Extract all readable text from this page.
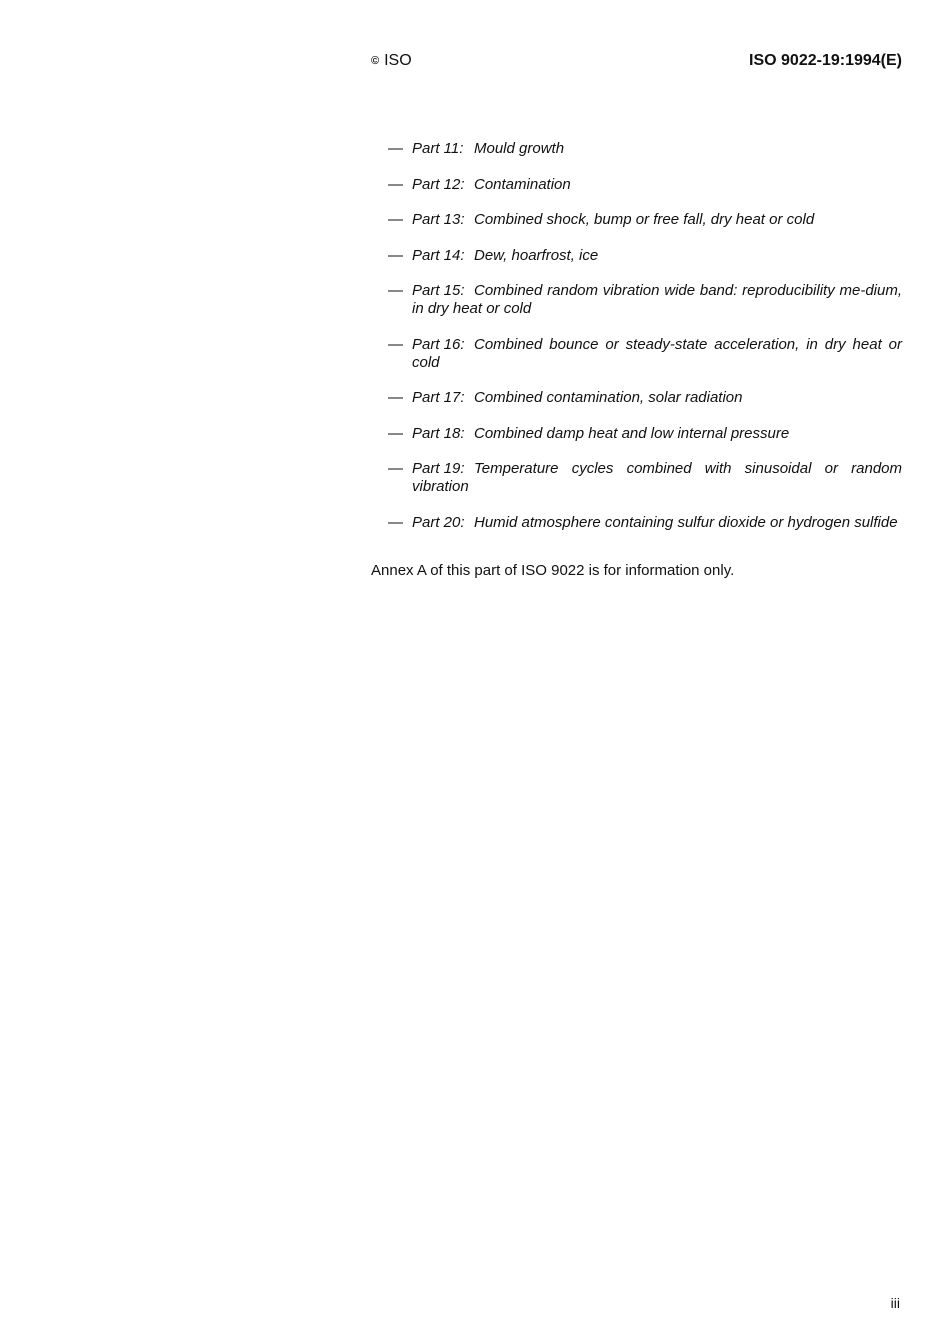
© ISO	ISO 9022-19:1994(E)
— Part 11: Mould growth
— Part 12: Contamination
— Part 13: Combined shock, bump or free fall, dry heat or cold
— Part 14: Dew, hoarfrost, ice
— Part 15: Combined random vibration wide band: reproducibility me-dium, in dry heat or cold
— Part 16: Combined bounce or steady-state acceleration, in dry heat or cold
— Part 17: Combined contamination, solar radiation
— Part 18: Combined damp heat and low internal pressure
— Part 19: Temperature cycles combined with sinusoidal or random vibration
— Part 20: Humid atmosphere containing sulfur dioxide or hydrogen sulfide
Annex A of this part of ISO 9022 is for information only.
iii
